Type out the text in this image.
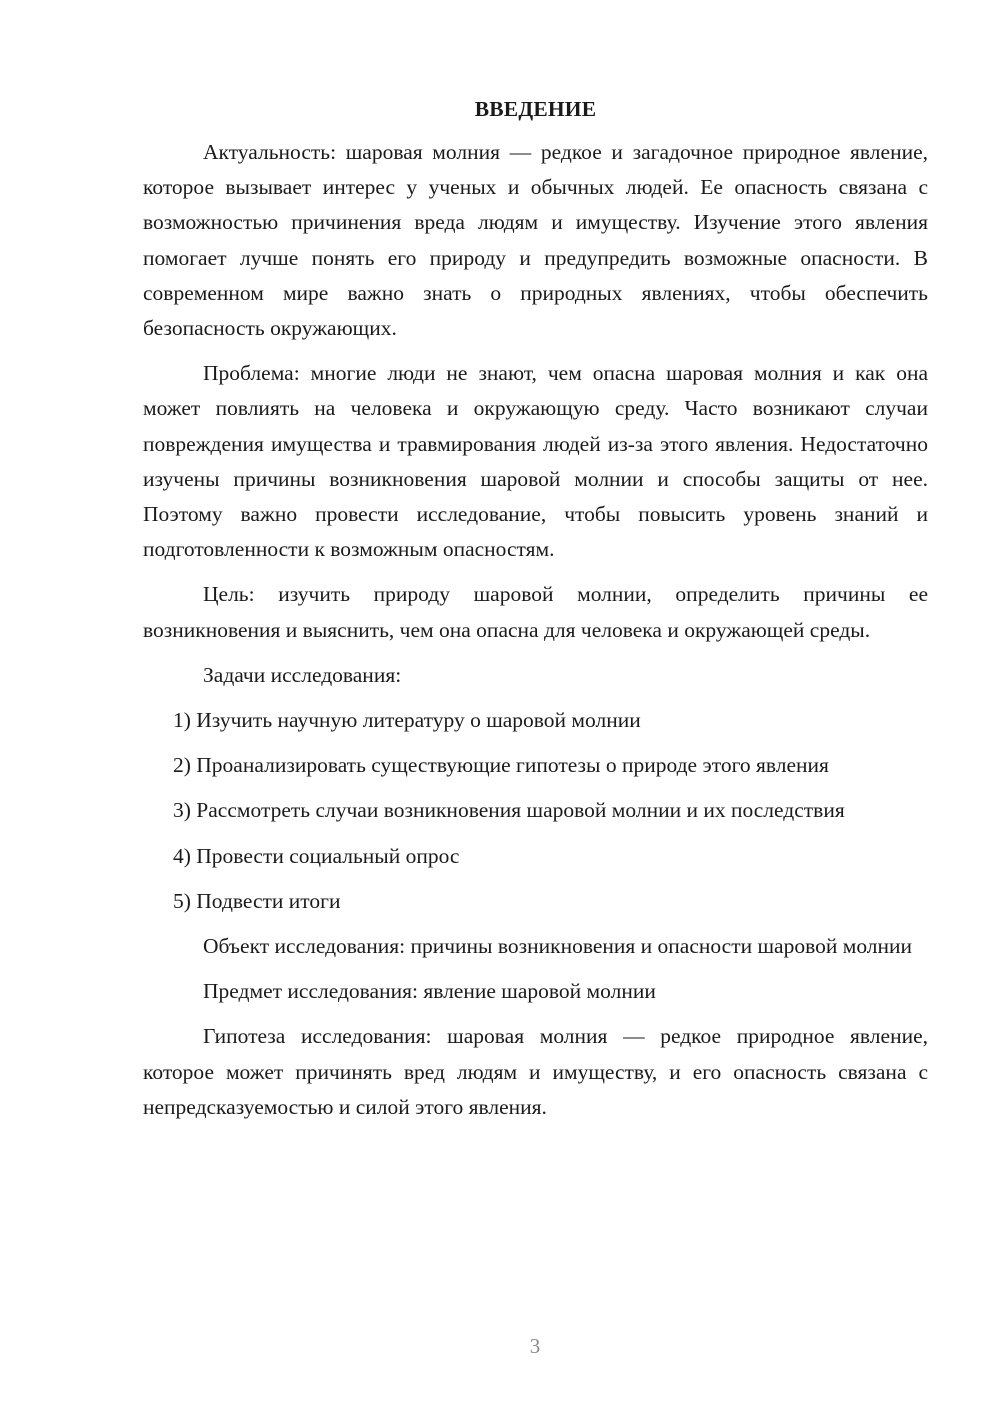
ВВЕДЕНИЕ

Актуальность: шаровая молния — редкое и загадочное природное явление, которое вызывает интерес у ученых и обычных людей. Ее опасность связана с возможностью причинения вреда людям и имуществу. Изучение этого явления помогает лучше понять его природу и предупредить возможные опасности. В современном мире важно знать о природных явлениях, чтобы обеспечить безопасность окружающих.

Проблема: многие люди не знают, чем опасна шаровая молния и как она может повлиять на человека и окружающую среду. Часто возникают случаи повреждения имущества и травмирования людей из-за этого явления. Недостаточно изучены причины возникновения шаровой молнии и способы защиты от нее. Поэтому важно провести исследование, чтобы повысить уровень знаний и подготовленности к возможным опасностям.

Цель: изучить природу шаровой молнии, определить причины ее возникновения и выяснить, чем она опасна для человека и окружающей среды.

Задачи исследования:

1) Изучить научную литературу о шаровой молнии

2) Проанализировать существующие гипотезы о природе этого явления

3) Рассмотреть случаи возникновения шаровой молнии и их последствия

4) Провести социальный опрос

5) Подвести итоги

Объект исследования: причины возникновения и опасности шаровой молнии

Предмет исследования: явление шаровой молнии

Гипотеза исследования: шаровая молния — редкое природное явление, которое может причинять вред людям и имуществу, и его опасность связана с непредсказуемостью и силой этого явления.

3
